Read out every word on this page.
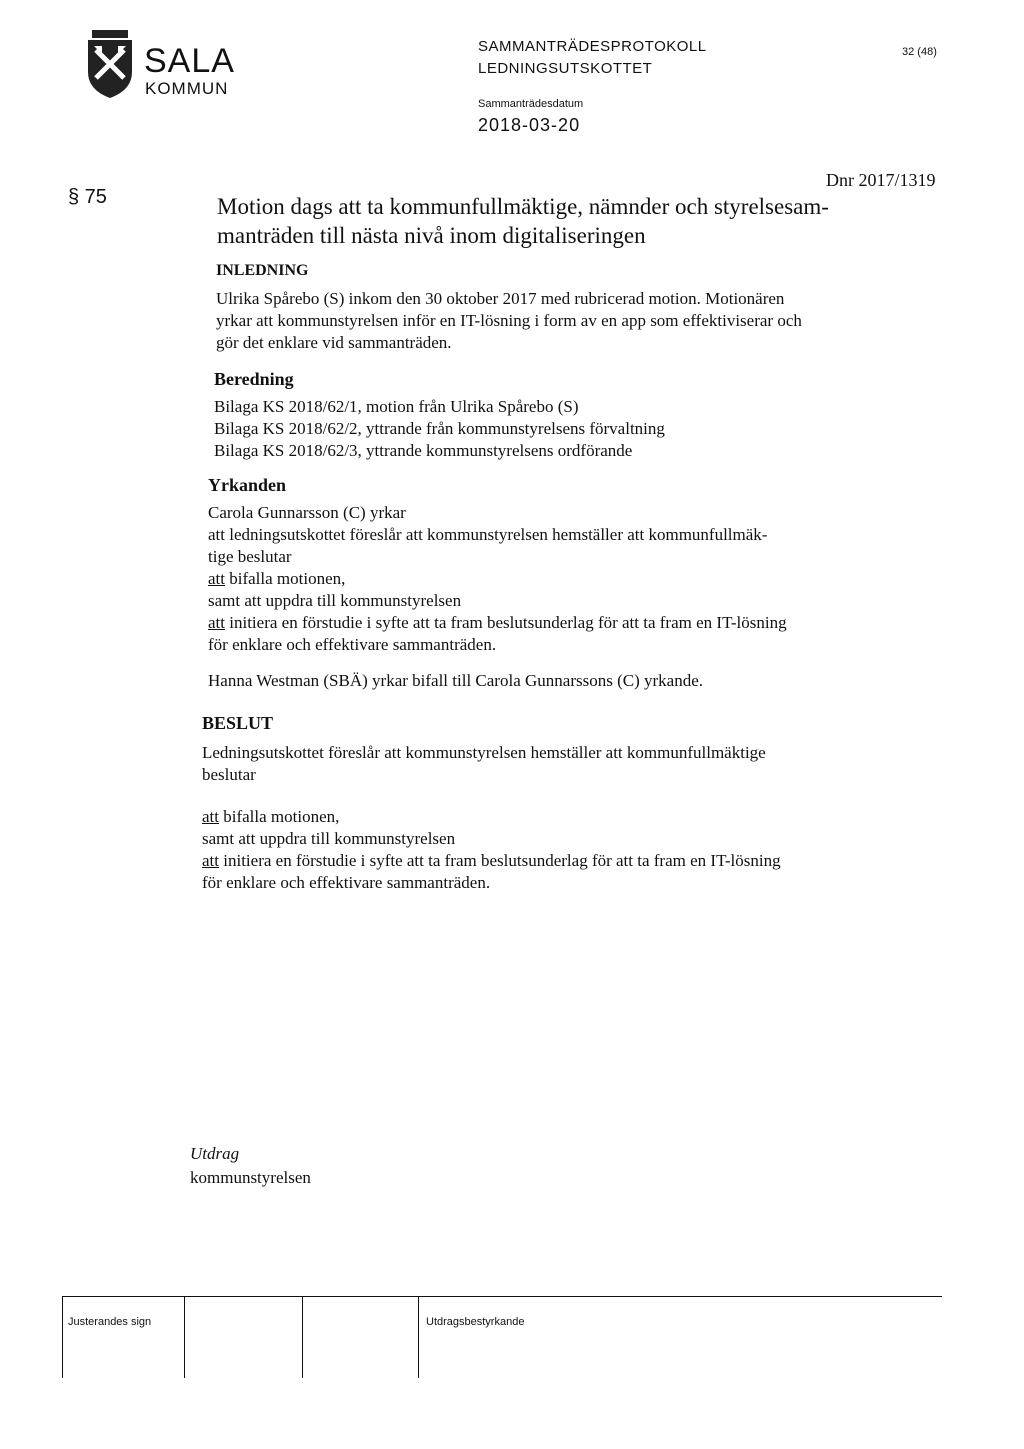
SALA
KOMMUN
SAMMANTRÄDESPROTOKOLL
LEDNINGSUTSKOTTET
32 (48)
Sammanträdesdatum
2018-03-20
§ 75
Dnr 2017/1319
Motion dags att ta kommunfullmäktige, nämnder och styrelsesam-
manträden till nästa nivå inom digitaliseringen
INLEDNING
Ulrika Spårebo (S) inkom den 30 oktober 2017 med rubricerad motion. Motionären
yrkar att kommunstyrelsen inför en IT-lösning i form av en app som effektiviserar och
gör det enklare vid sammanträden.
Beredning
Bilaga KS 2018/62/1, motion från Ulrika Spårebo (S)
Bilaga KS 2018/62/2, yttrande från kommunstyrelsens förvaltning
Bilaga KS 2018/62/3, yttrande kommunstyrelsens ordförande
Yrkanden
Carola Gunnarsson (C) yrkar
att ledningsutskottet föreslår att kommunstyrelsen hemställer att kommunfullmäk-
tige beslutar
att bifalla motionen,
samt att uppdra till kommunstyrelsen
att initiera en förstudie i syfte att ta fram beslutsunderlag för att ta fram en IT-lösning
för enklare och effektivare sammanträden.
Hanna Westman (SBÄ) yrkar bifall till Carola Gunnarssons (C) yrkande.
BESLUT
Ledningsutskottet föreslår att kommunstyrelsen hemställer att kommunfullmäktige
beslutar
att bifalla motionen,
samt att uppdra till kommunstyrelsen
att initiera en förstudie i syfte att ta fram beslutsunderlag för att ta fram en IT-lösning
för enklare och effektivare sammanträden.
Utdrag
kommunstyrelsen
Justerandes sign	Utdragsbestyrkande
